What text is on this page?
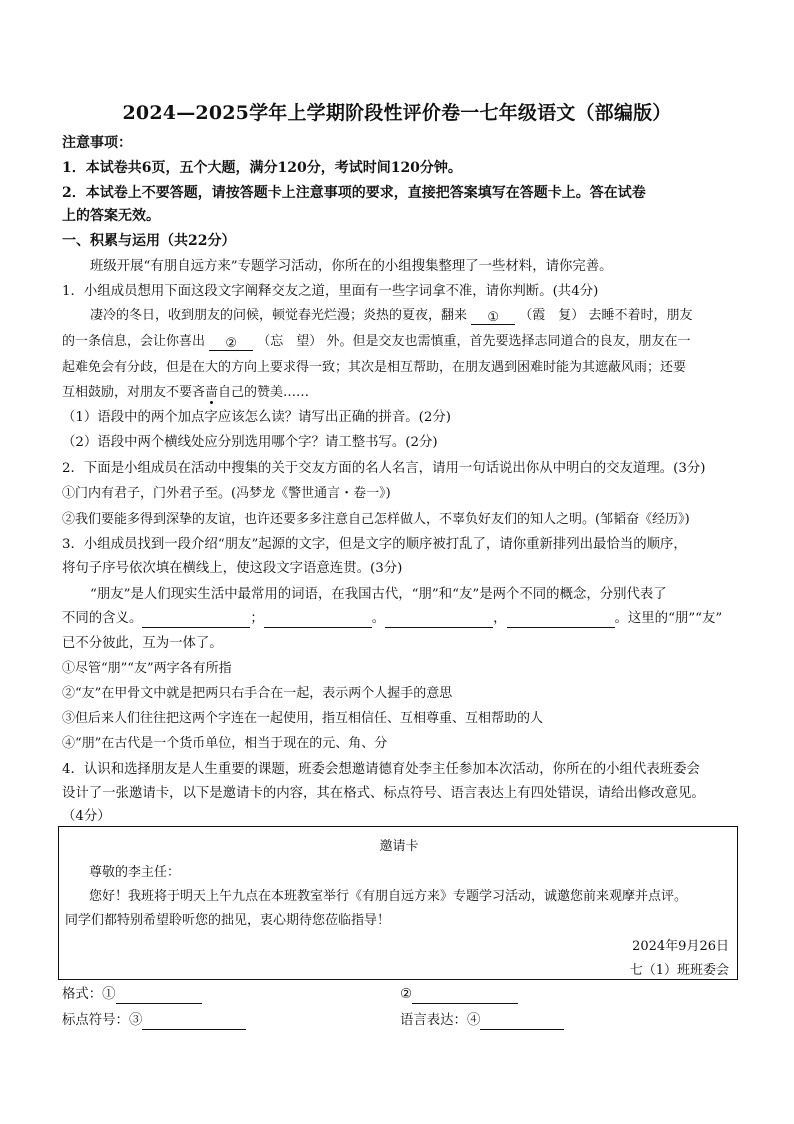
2024—2025学年上学期阶段性评价卷一七年级语文（部编版）
注意事项：
1．本试卷共6页，五个大题，满分120分，考试时间120分钟。
2．本试卷上不要答题，请按答题卡上注意事项的要求，直接把答案填写在答题卡上。答在试卷
上的答案无效。
一、积累与运用（共22分）
班级开展“有朋自远方来”专题学习活动，你所在的小组搜集整理了一些材料，请你完善。
1．小组成员想用下面这段文字阐释交友之道，里面有一些字词拿不准，请你判断。(共4分)
凄冷的冬日，收到朋友的问候，顿觉春光烂漫；炎热的夏夜，翻来 ① （霞　复） 去睡不着时，朋友
的一条信息，会让你喜出 ② （忘　望） 外。但是交友也需慎重，首先要选择志同道合的良友，朋友在一
起难免会有分歧，但是在大的方向上要求得一致；其次是相互帮助，在朋友遇到困难时能为其遮蔽风雨；还要
互相鼓励，对朋友不要吝啬自己的赞美……
（1）语段中的两个加点字应该怎么读？请写出正确的拼音。(2分)
（2）语段中两个横线处应分别选用哪个字？请工整书写。(2分)
2．下面是小组成员在活动中搜集的关于交友方面的名人名言，请用一句话说出你从中明白的交友道理。(3分)
①门内有君子，门外君子至。(冯梦龙《警世通言・卷一》)
②我们要能多得到深挚的友谊，也许还要多多注意自己怎样做人，不辜负好友们的知人之明。(邹韬奋《经历》)
3．小组成员找到一段介绍“朋友”起源的文字，但是文字的顺序被打乱了，请你重新排列出最恰当的顺序，
将句子序号依次填在横线上，使这段文字语意连贯。(3分)
“朋友”是人们现实生活中最常用的词语，在我国古代，“朋”和“友”是两个不同的概念，分别代表了
不同的含义。	；	。	，	。这里的“朋”“友”
已不分彼此，互为一体了。
①尽管“朋”“友”两字各有所指
②“友”在甲骨文中就是把两只右手合在一起，表示两个人握手的意思
③但后来人们往往把这两个字连在一起使用，指互相信任、互相尊重、互相帮助的人
④“朋”在古代是一个货币单位，相当于现在的元、角、分
4．认识和选择朋友是人生重要的课题，班委会想邀请德育处李主任参加本次活动，你所在的小组代表班委会
设计了一张邀请卡，以下是邀请卡的内容，其在格式、标点符号、语言表达上有四处错误，请给出修改意见。
（4分）
邀请卡
尊敬的李主任：
您好！我班将于明天上午九点在本班教室举行《有朋自远方来》专题学习活动，诚邀您前来观摩并点评。
同学们都特别希望聆听您的拙见，衷心期待您莅临指导！
2024年9月26日
七（1）班班委会
格式：①	②
标点符号：③	语言表达：④
